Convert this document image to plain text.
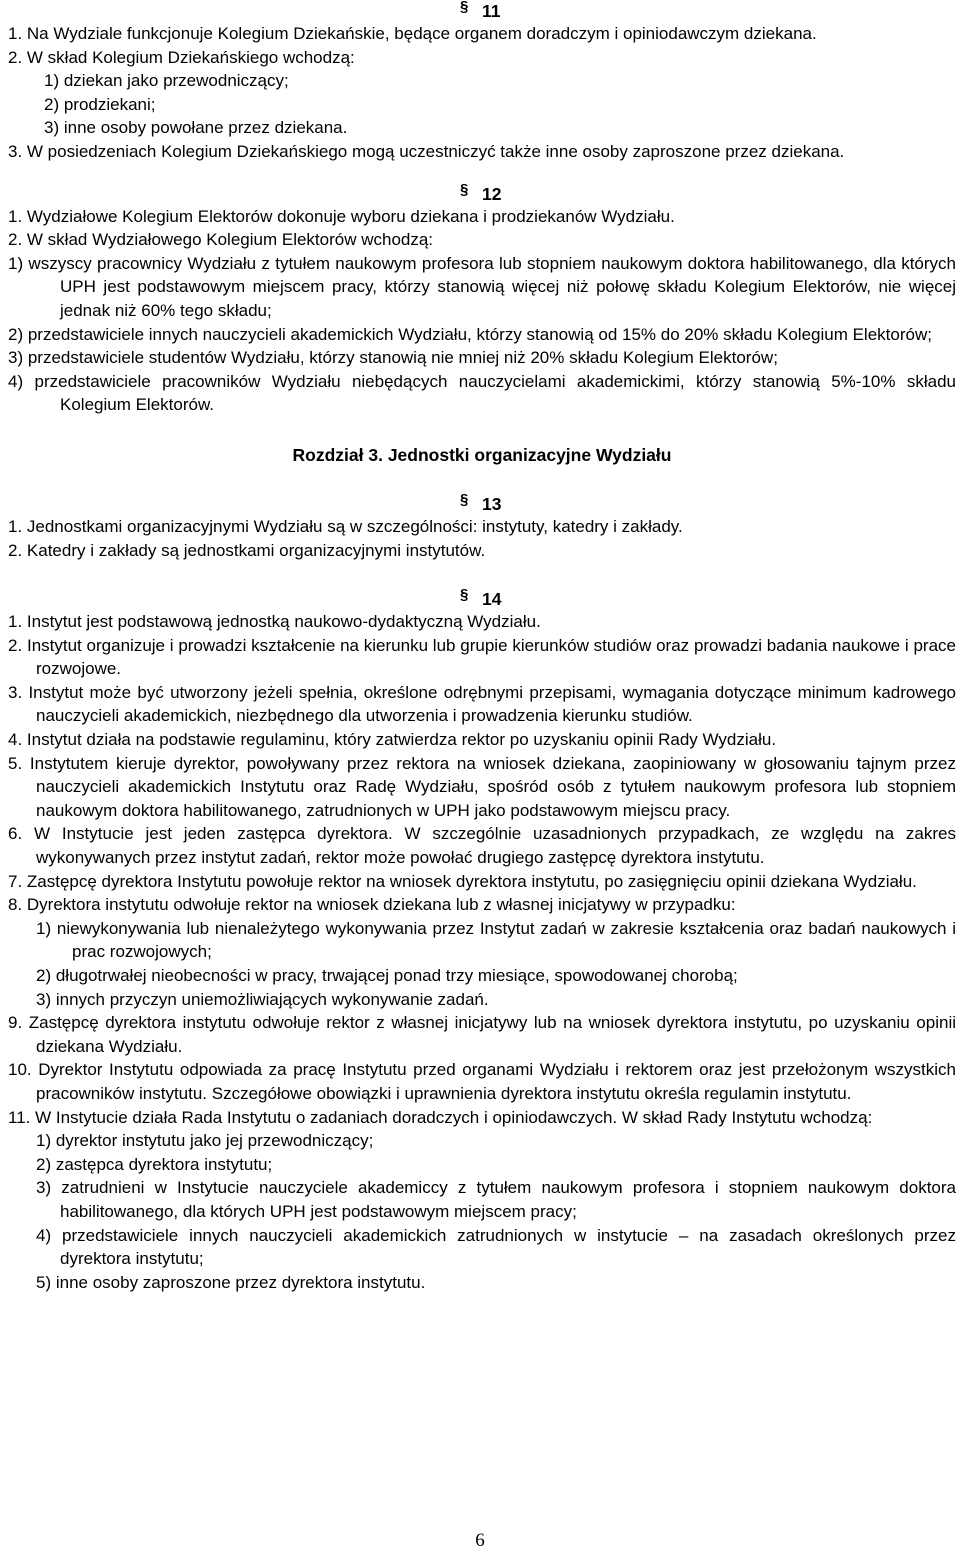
§ 11
1. Na Wydziale funkcjonuje Kolegium Dziekańskie, będące organem doradczym i opiniodawczym dziekana.
2. W skład Kolegium Dziekańskiego wchodzą:
1) dziekan jako przewodniczący;
2) prodziekani;
3) inne osoby powołane przez dziekana.
3. W posiedzeniach Kolegium Dziekańskiego mogą uczestniczyć także inne osoby zaproszone przez dziekana.
§ 12
1. Wydziałowe Kolegium Elektorów dokonuje wyboru dziekana i prodziekanów Wydziału.
2. W skład Wydziałowego Kolegium Elektorów wchodzą:
1) wszyscy pracownicy Wydziału z tytułem naukowym profesora lub stopniem naukowym doktora habilitowanego, dla których UPH jest podstawowym miejscem pracy, którzy stanowią więcej niż połowę składu Kolegium Elektorów, nie więcej jednak niż 60% tego składu;
2) przedstawiciele innych nauczycieli akademickich Wydziału, którzy stanowią od 15% do 20% składu Kolegium Elektorów;
3) przedstawiciele studentów Wydziału, którzy stanowią nie mniej niż 20% składu Kolegium Elektorów;
4) przedstawiciele pracowników Wydziału niebędących nauczycielami akademickimi, którzy stanowią 5%-10% składu Kolegium Elektorów.
Rozdział 3. Jednostki organizacyjne Wydziału
§ 13
1. Jednostkami organizacyjnymi Wydziału są w szczególności: instytuty, katedry i zakłady.
2. Katedry i zakłady są jednostkami organizacyjnymi instytutów.
§ 14
1. Instytut jest podstawową jednostką naukowo-dydaktyczną Wydziału.
2. Instytut organizuje i prowadzi kształcenie na kierunku lub grupie kierunków studiów oraz prowadzi badania naukowe i prace rozwojowe.
3. Instytut może być utworzony jeżeli spełnia, określone odrębnymi przepisami, wymagania dotyczące minimum kadrowego nauczycieli akademickich, niezbędnego dla utworzenia i prowadzenia kierunku studiów.
4. Instytut działa na podstawie regulaminu, który zatwierdza rektor po uzyskaniu opinii Rady Wydziału.
5. Instytutem kieruje dyrektor, powoływany przez rektora na wniosek dziekana, zaopiniowany w głosowaniu tajnym przez nauczycieli akademickich Instytutu oraz Radę Wydziału, spośród osób z tytułem naukowym profesora lub stopniem naukowym doktora habilitowanego, zatrudnionych w UPH jako podstawowym miejscu pracy.
6. W Instytucie jest jeden zastępca dyrektora. W szczególnie uzasadnionych przypadkach, ze względu na zakres wykonywanych przez instytut zadań, rektor może powołać drugiego zastępcę dyrektora instytutu.
7. Zastępcę dyrektora Instytutu powołuje rektor na wniosek dyrektora instytutu, po zasięgnięciu opinii dziekana Wydziału.
8. Dyrektora instytutu odwołuje rektor na wniosek dziekana lub z własnej inicjatywy w przypadku:
1) niewykonywania lub nienależytego wykonywania przez Instytut zadań w zakresie kształcenia oraz badań naukowych i prac rozwojowych;
2) długotrwałej nieobecności w pracy, trwającej ponad trzy miesiące, spowodowanej chorobą;
3) innych przyczyn uniemożliwiających wykonywanie zadań.
9. Zastępcę dyrektora instytutu odwołuje rektor z własnej inicjatywy lub na wniosek dyrektora instytutu, po uzyskaniu opinii dziekana Wydziału.
10. Dyrektor Instytutu odpowiada za pracę Instytutu przed organami Wydziału i rektorem oraz jest przełożonym wszystkich pracowników instytutu. Szczegółowe obowiązki i uprawnienia dyrektora instytutu określa regulamin instytutu.
11. W Instytucie działa Rada Instytutu o zadaniach doradczych i opiniodawczych. W skład Rady Instytutu wchodzą:
1) dyrektor instytutu jako jej przewodniczący;
2) zastępca dyrektora instytutu;
3) zatrudnieni w Instytucie nauczyciele akademiccy z tytułem naukowym profesora i stopniem naukowym doktora habilitowanego, dla których UPH jest podstawowym miejscem pracy;
4) przedstawiciele innych nauczycieli akademickich zatrudnionych w instytucie – na zasadach określonych przez dyrektora instytutu;
5) inne osoby zaproszone przez dyrektora instytutu.
6
